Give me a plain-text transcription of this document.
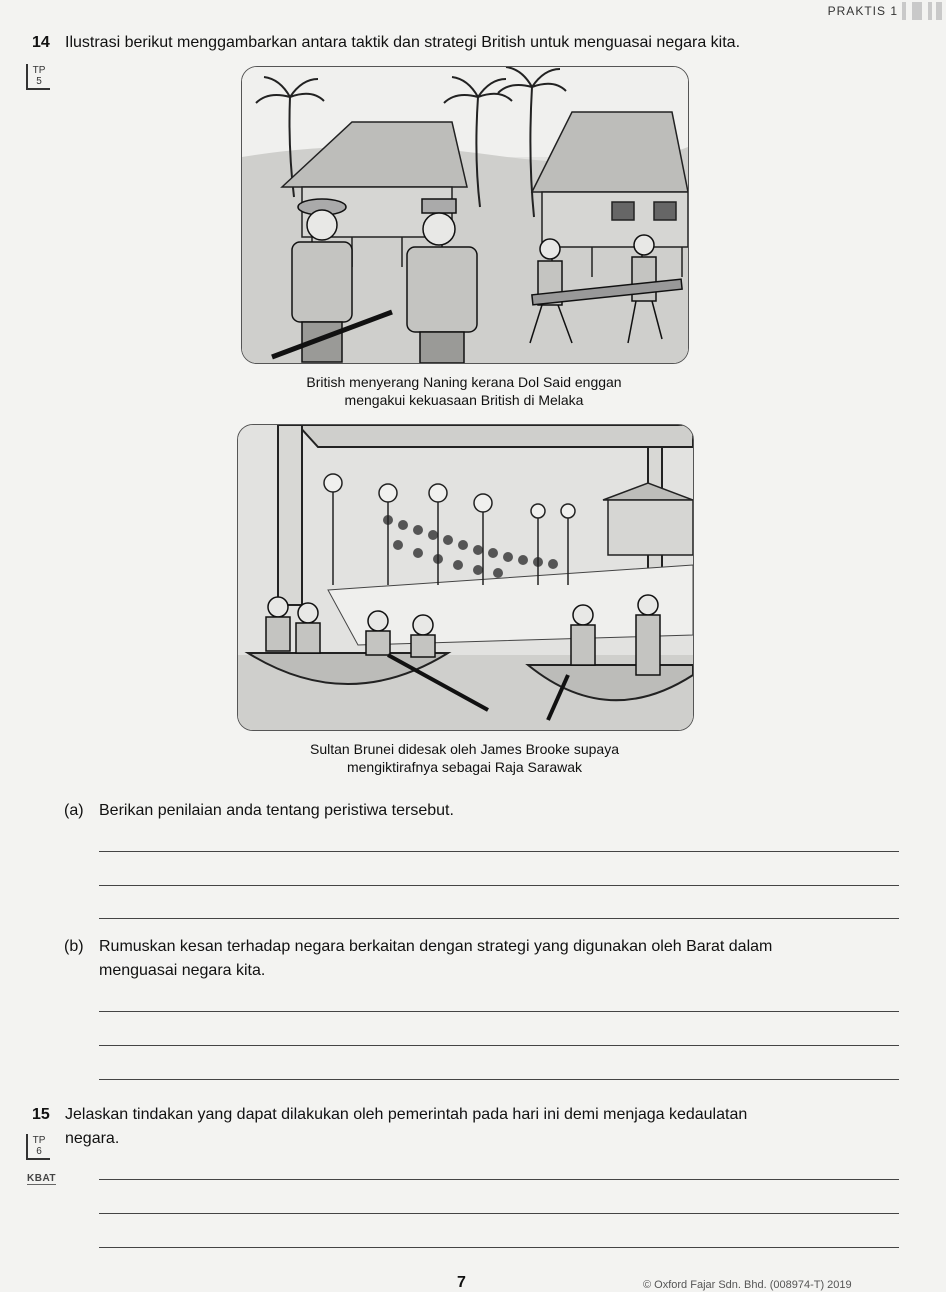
PRAKTIS 1
14 Ilustrasi berikut menggambarkan antara taktik dan strategi British untuk menguasai negara kita.
TP
5
British menyerang Naning kerana Dol Said enggan
mengakui kekuasaan British di Melaka
Sultan Brunei didesak oleh James Brooke supaya
mengiktirafnya sebagai Raja Sarawak
(a) Berikan penilaian anda tentang peristiwa tersebut.
(b) Rumuskan kesan terhadap negara berkaitan dengan strategi yang digunakan oleh Barat dalam
menguasai negara kita.
15 Jelaskan tindakan yang dapat dilakukan oleh pemerintah pada hari ini demi menjaga kedaulatan
negara.
TP
6
KBAT
7	© Oxford Fajar Sdn. Bhd. (008974-T) 2019
